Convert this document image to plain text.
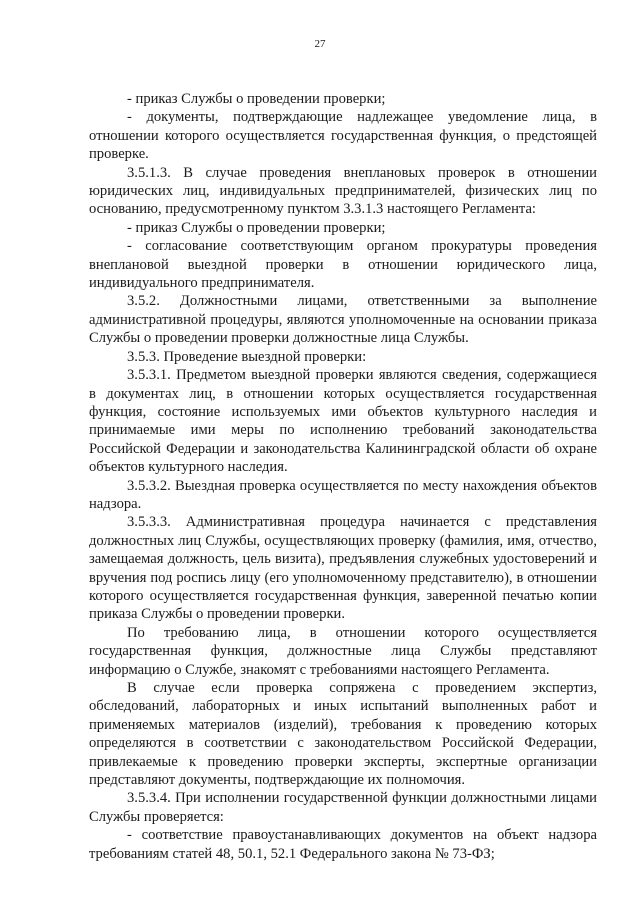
27

- приказ Службы о проведении проверки;

- документы, подтверждающие надлежащее уведомление лица, в отношении которого осуществляется государственная функция, о предстоящей проверке.

3.5.1.3. В случае проведения внеплановых проверок в отношении юридических лиц, индивидуальных предпринимателей, физических лиц по основанию, предусмотренному пунктом 3.3.1.3 настоящего Регламента:

- приказ Службы о проведении проверки;

- согласование соответствующим органом прокуратуры проведения внеплановой выездной проверки в отношении юридического лица, индивидуального предпринимателя.

3.5.2. Должностными лицами, ответственными за выполнение административной процедуры, являются уполномоченные на основании приказа Службы о проведении проверки должностные лица Службы.

3.5.3. Проведение выездной проверки:

3.5.3.1. Предметом выездной проверки являются сведения, содержащиеся в документах лиц, в отношении которых осуществляется государственная функция, состояние используемых ими объектов культурного наследия и принимаемые ими меры по исполнению требований законодательства Российской Федерации и законодательства Калининградской области об охране объектов культурного наследия.

3.5.3.2. Выездная проверка осуществляется по месту нахождения объектов надзора.

3.5.3.3. Административная процедура начинается с представления должностных лиц Службы, осуществляющих проверку (фамилия, имя, отчество, замещаемая должность, цель визита), предъявления служебных удостоверений и вручения под роспись лицу (его уполномоченному представителю), в отношении которого осуществляется государственная функция, заверенной печатью копии приказа Службы о проведении проверки.

По требованию лица, в отношении которого осуществляется государственная функция, должностные лица Службы представляют информацию о Службе, знакомят с требованиями настоящего Регламента.

В случае если проверка сопряжена с проведением экспертиз, обследований, лабораторных и иных испытаний выполненных работ и применяемых материалов (изделий), требования к проведению которых определяются в соответствии с законодательством Российской Федерации, привлекаемые к проведению проверки эксперты, экспертные организации представляют документы, подтверждающие их полномочия.

3.5.3.4. При исполнении государственной функции должностными лицами Службы проверяется:

- соответствие правоустанавливающих документов на объект надзора требованиям статей 48, 50.1, 52.1 Федерального закона № 73-ФЗ;
